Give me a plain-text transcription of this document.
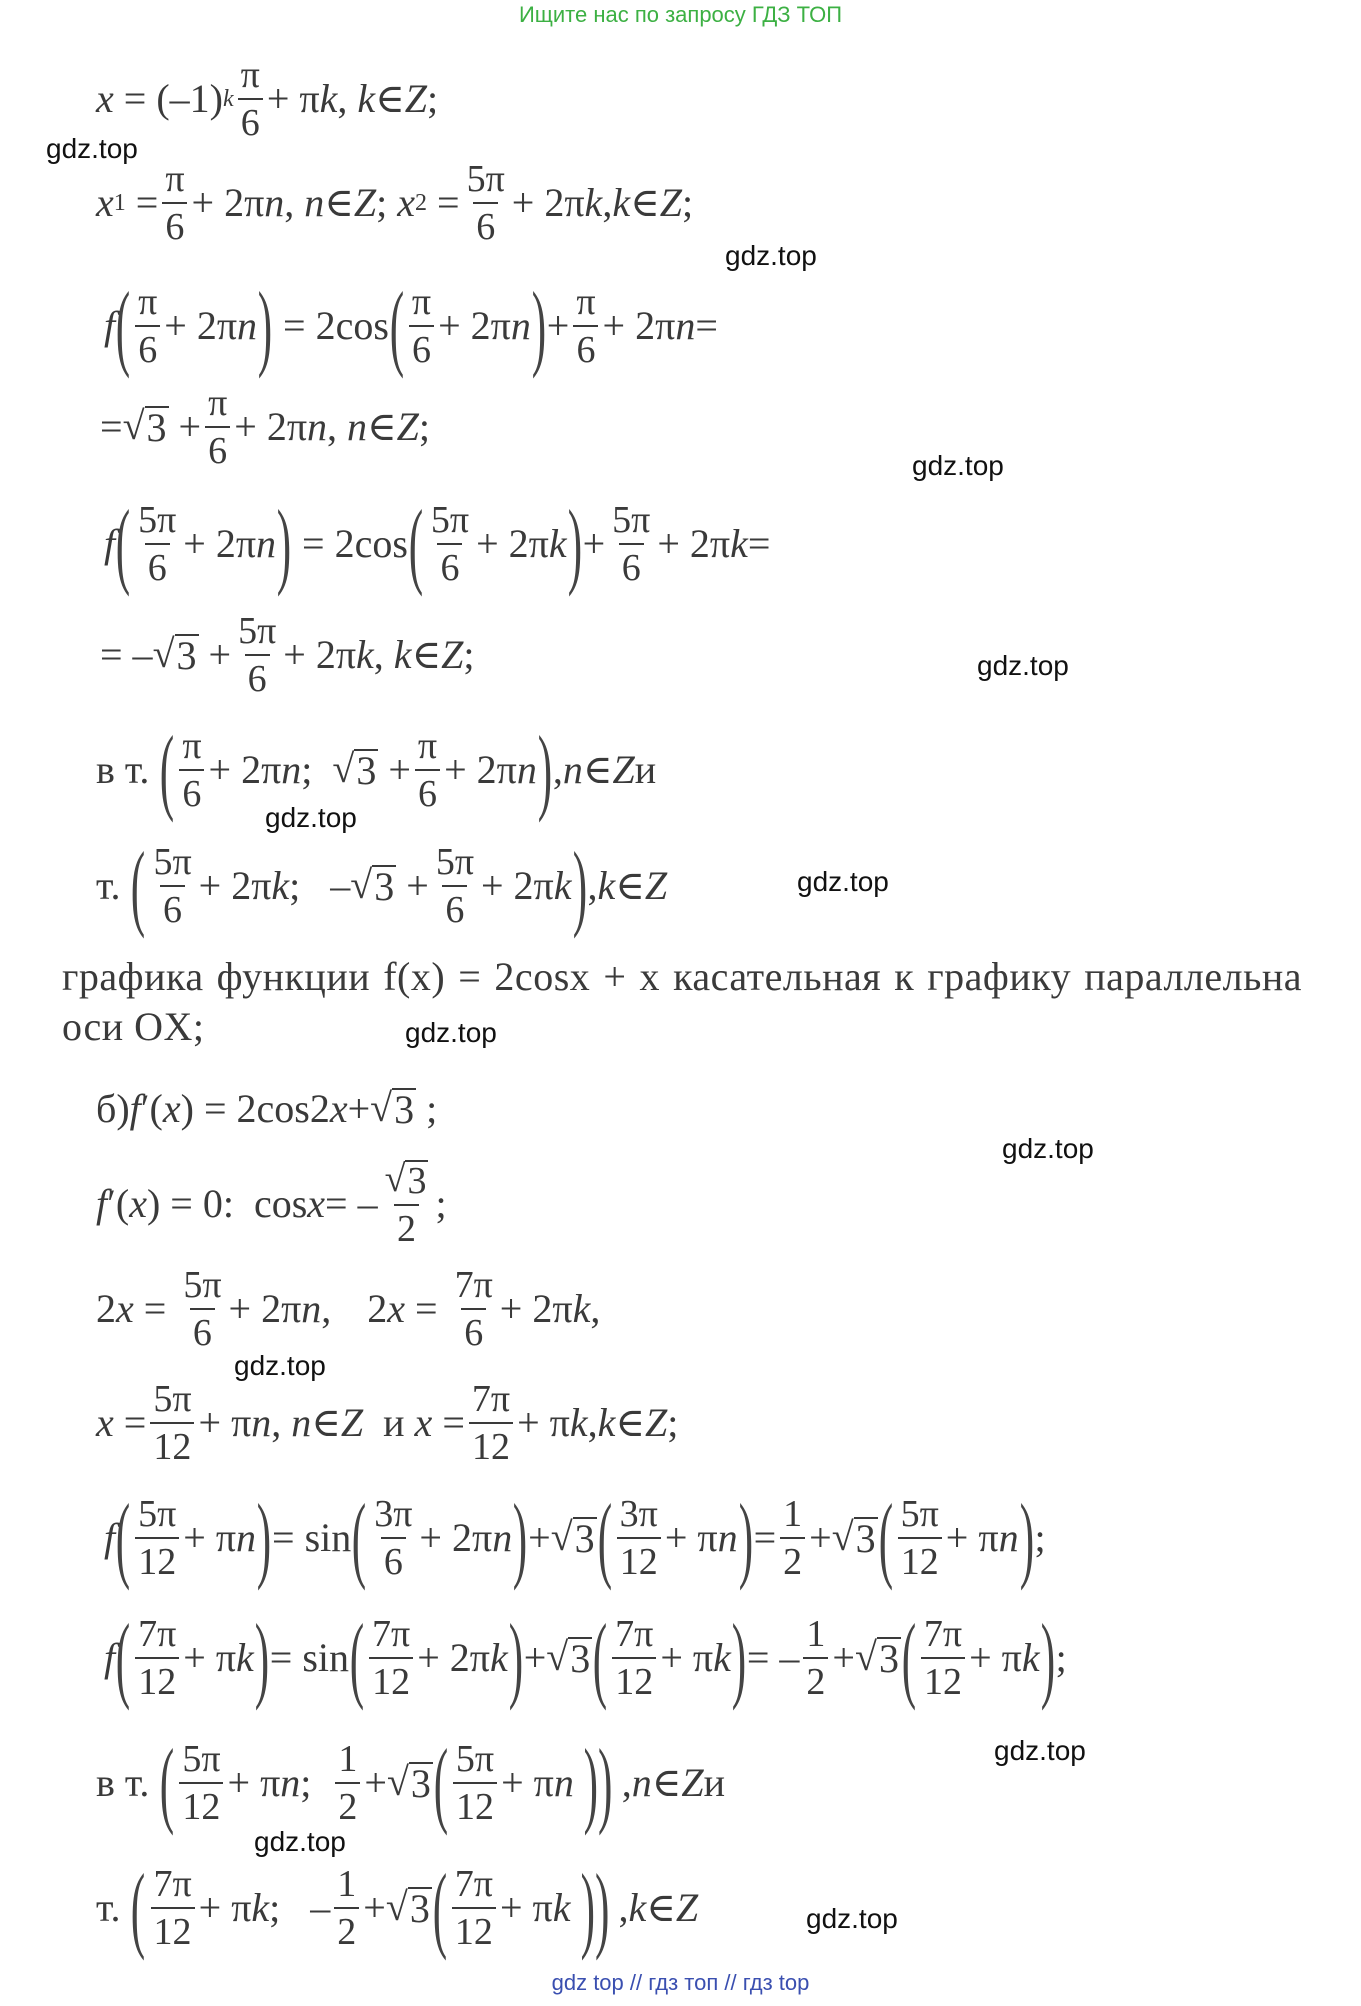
Ищите нас по запросу ГДЗ ТОП
gdz.top
gdz.top
gdz.top
gdz.top
gdz.top
gdz.top
gdz.top
gdz.top
gdz.top
gdz.top
gdz.top
gdz.top
x = (–1) k
π
6
+ π k , k ∈ Z ;
x 1 =
π
6
+ 2π n , n ∈ Z ; x 2 =
5π
6
+ 2π k , k ∈ Z ;
f ( π
6
+ 2π n ) = 2cos ( π
6
+ 2π n ) +
π
6
+ 2π n =
= √ 3 +
π
6
+ 2π n , n ∈ Z ;
f ( 5π
6
+ 2π n ) = 2cos ( 5π
6
+ 2π k ) +
5π
6
+ 2π k =
= – √ 3 +
5π
6
+ 2π k , k ∈ Z ;
в т. ( π
6
+ 2π n ; √ 3 +
π
6
+ 2π n ) , n ∈ Z и
т. ( 5π
6
+ 2π k ;   – √ 3 +
5π
6
+ 2π k ) , k ∈ Z
графика функции f(x) = 2cosx + x касательная к графику параллельна оси OX;
б) f ′( x ) = 2cos2 x + √ 3 ;
f ′( x ) = 0:  cos x = –
√ 3
2
;
2 x =
5π
6
+ 2π n ,
2 x =
7π
6
+ 2π k ,
x =
5π
12
+ π n , n ∈ Z и x =
7π
12
+ π k , k ∈ Z ;
f ( 5π
12
+ π n ) = sin ( 3π
6
+ 2π n ) + √ 3 ( 3π
12
+ π n ) =
1
2
+ √ 3 ( 5π
12
+ π n ) ;
f ( 7π
12
+ π k ) = sin ( 7π
12
+ 2π k ) + √ 3 ( 7π
12
+ π k ) = –
1
2
+ √ 3 ( 7π
12
+ π k ) ;
в т. ( 5π
12
+ π n ;
1
2
+ √ 3 ( 5π
12
+ π n )) , n ∈ Z и
т. ( 7π
12
+ π k ;   –
1
2
+ √ 3 ( 7π
12
+ π k )) , k ∈ Z
gdz top // гдз топ // гдз top
